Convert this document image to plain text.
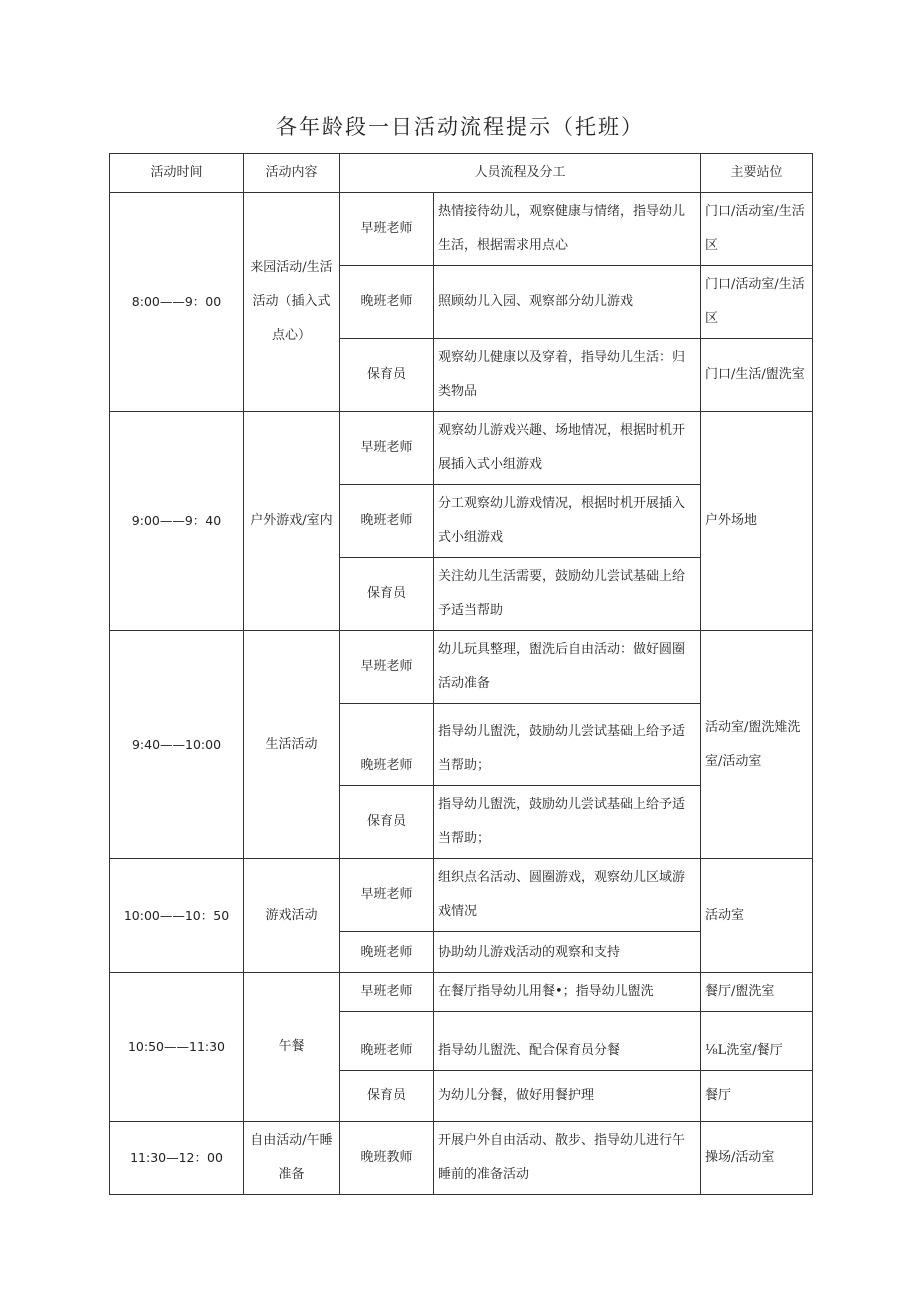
各年龄段一日活动流程提示（托班）
活动时间	活动内容	人员流程及分工		主要站位
8:00——9：00	来园活动/生活活动（插入式点心）	早班老师	热情接待幼儿，观察健康与情绪，指导幼儿生活，根据需求用点心	门口/活动室/生活区
		晚班老师	照顾幼儿入园、观察部分幼儿游戏	门口/活动室/生活区
		保育员	观察幼儿健康以及穿着，指导幼儿生活：归类物品	门口/生活/盥洗室
9:00——9：40	户外游戏/室内	早班老师	观察幼儿游戏兴趣、场地情况，根据时机开展插入式小组游戏	户外场地
		晚班老师	分工观察幼儿游戏情况，根据时机开展插入式小组游戏	
		保育员	关注幼儿生活需要，鼓励幼儿尝试基础上给予适当帮助	
9:40——10:00	生活活动	早班老师	幼儿玩具整理，盥洗后自由活动：做好圆圈活动准备	活动室/盥洗雉洗室/活动室
		晚班老师	指导幼儿盥洗，鼓励幼儿尝试基础上给予适当帮助；	
		保育员	指导幼儿盥洗，鼓励幼儿尝试基础上给予适当帮助；	
10:00——10：50	游戏活动	早班老师	组织点名活动、圆圈游戏，观察幼儿区域游戏情况	活动室
		晚班老师	协助幼儿游戏活动的观察和支持	
10:50——11:30	午餐	早班老师	在餐厅指导幼儿用餐•；指导幼儿盥洗	餐厅/盥洗室
		晚班老师	指导幼儿盥洗、配合保育员分餐	⅛L洗室/餐厅
		保育员	为幼儿分餐，做好用餐护理	餐厅
11:30—12：00	自由活动/午睡准备	晚班教师	开展户外自由活动、散步、指导幼儿进行午睡前的准备活动	操场/活动室
